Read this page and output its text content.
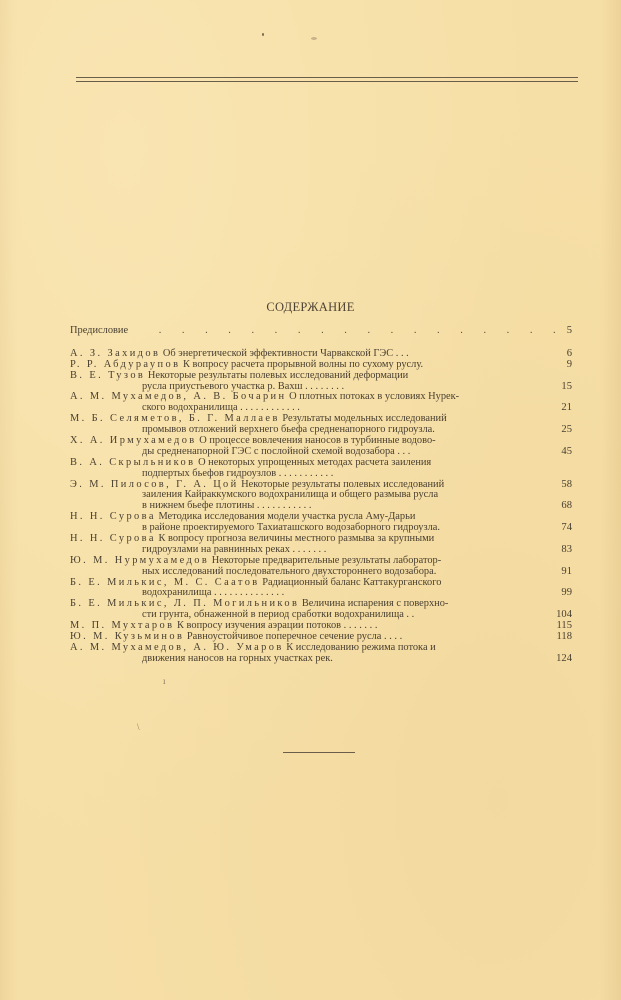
СОДЕРЖАНИЕ
Предисловие	. . . . . . . . . . . . . . . . . . 5
А. З. Захидов Об энергетической эффективности Чарвакской ГЭС . . .	6
Р. Р. Абдураупов К вопросу расчета прорывной волны по сухому руслу.	9
В. Е. Тузов Некоторые результаты полевых исследований деформации
русла приустьевого участка р. Вахш . . . . . . . .	15
А. М. Мухамедов, А. В. Бочарин О плотных потоках в условиях Нурек-
ского водохранилища . . . . . . . . . . . .	21
М. Б. Селяметов, Б. Г. Маллаев Результаты модельных исследований
промывов отложений верхнего бьефа средненапорного гидроузла.	25
Х. А. Ирмухамедов О процессе вовлечения наносов в турбинные водово-
ды средненапорной ГЭС с послойной схемой водозабора . . .	45
В. А. Скрыльников О некоторых упрощенных методах расчета заиления
подпертых бьефов гидроузлов . . . . . . . . . . .
Э. М. Пилосов, Г. А. Цой Некоторые результаты полевых исследований	58
заиления Кайраккумского водохранилища и общего размыва русла
в нижнем бьефе плотины . . . . . . . . . . .	68
Н. Н. Сурова Методика исследования модели участка русла Аму-Дарьи
в районе проектируемого Тахиаташского водозаборного гидроузла.	74
Н. Н. Сурова К вопросу прогноза величины местного размыва за крупными
гидроузлами на равнинных реках . . . . . . .	83
Ю. М. Нурмухамедов Некоторые предварительные результаты лаборатор-
ных исследований последовательного двухстороннего водозабора.	91
Б. Е. Милькис, М. С. Саатов Радиационный баланс Каттакурганского
водохранилища . . . . . . . . . . . . . .	99
Б. Е. Милькис, Л. П. Могильников Величина испарения с поверхно-
сти грунта, обнаженной в период сработки водохранилища . .	104
М. П. Мухтаров К вопросу изучения аэрации потоков . . . . . . .	115
Ю. М. Кузьминов Равноустойчивое поперечное сечение русла . . . .	118
А. М. Мухамедов, А. Ю. Умаров К исследованию режима потока и
движения наносов на горных участках рек.	124
ı
\
